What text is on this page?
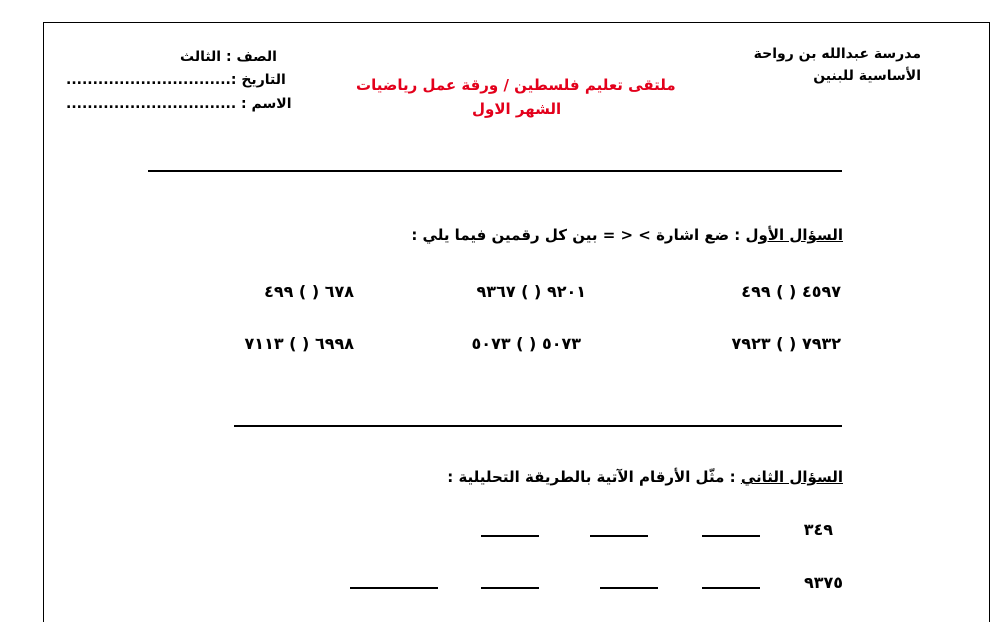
مدرسة عبدالله بن رواحة
الأساسية للبنين
ملتقى تعليم فلسطين / ورقة عمل رياضيات
الشهر الاول
الصف : الثالث
التاريخ :...............................
الاسم : ................................
السؤال الأول : ضع اشارة > < = بين كل رقمين فيما يلي :
٤٥٩٧ ( ) ٤٩٩
٩٢٠١ ( ) ٩٣٦٧
٦٧٨ ( ) ٤٩٩
٧٩٣٢ ( ) ٧٩٢٣
٥٠٧٣ ( ) ٥٠٧٣
٦٩٩٨ ( ) ٧١١٣
السؤال الثاني : مثّل الأرقام الآتية بالطريقة التحليلية :
٣٤٩
٩٣٧٥
